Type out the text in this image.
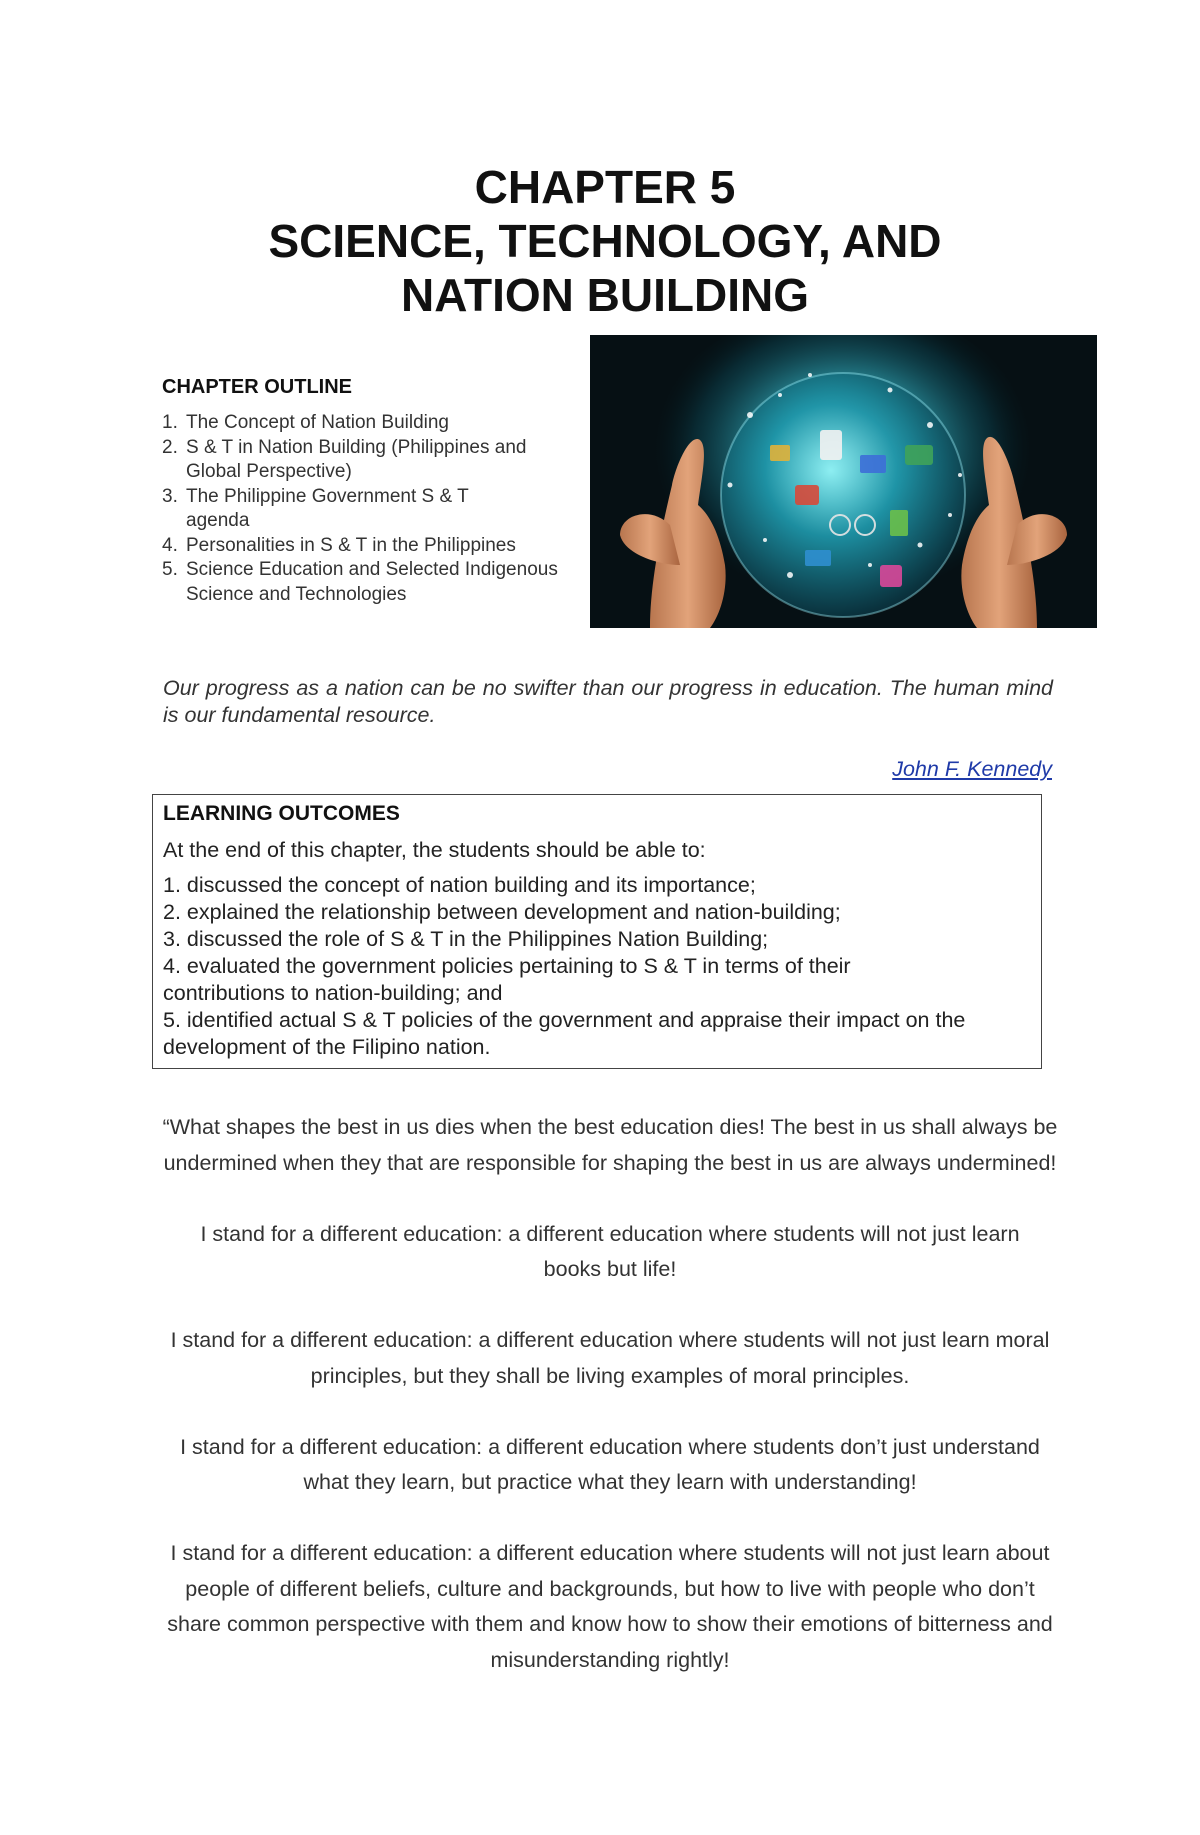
CHAPTER 5
SCIENCE, TECHNOLOGY, AND
NATION BUILDING
CHAPTER OUTLINE
1. The Concept of Nation Building
2. S & T in Nation Building (Philippines and Global Perspective)
3. The Philippine Government S & T agenda
4. Personalities in S & T in the Philippines
5. Science Education and Selected Indigenous Science and Technologies
Our progress as a nation can be no swifter than our progress in education. The human mind is our fundamental resource.
John F. Kennedy
LEARNING OUTCOMES
At the end of this chapter, the students should be able to:
1. discussed the concept of nation building and its importance;
2. explained the relationship between development and nation-building;
3. discussed the role of S & T in the Philippines Nation Building;
4. evaluated the government policies pertaining to S & T in terms of their contributions to nation-building; and
5. identified actual S & T policies of the government and appraise their impact on the development of the Filipino nation.

“What shapes the best in us dies when the best education dies! The best in us shall always be undermined when they that are responsible for shaping the best in us are always undermined!

I stand for a different education: a different education where students will not just learn books but life!

I stand for a different education: a different education where students will not just learn moral principles, but they shall be living examples of moral principles.

I stand for a different education: a different education where students don’t just understand what they learn, but practice what they learn with understanding!

I stand for a different education: a different education where students will not just learn about people of different beliefs, culture and backgrounds, but how to live with people who don’t share common perspective with them and know how to show their emotions of bitterness and misunderstanding rightly!
